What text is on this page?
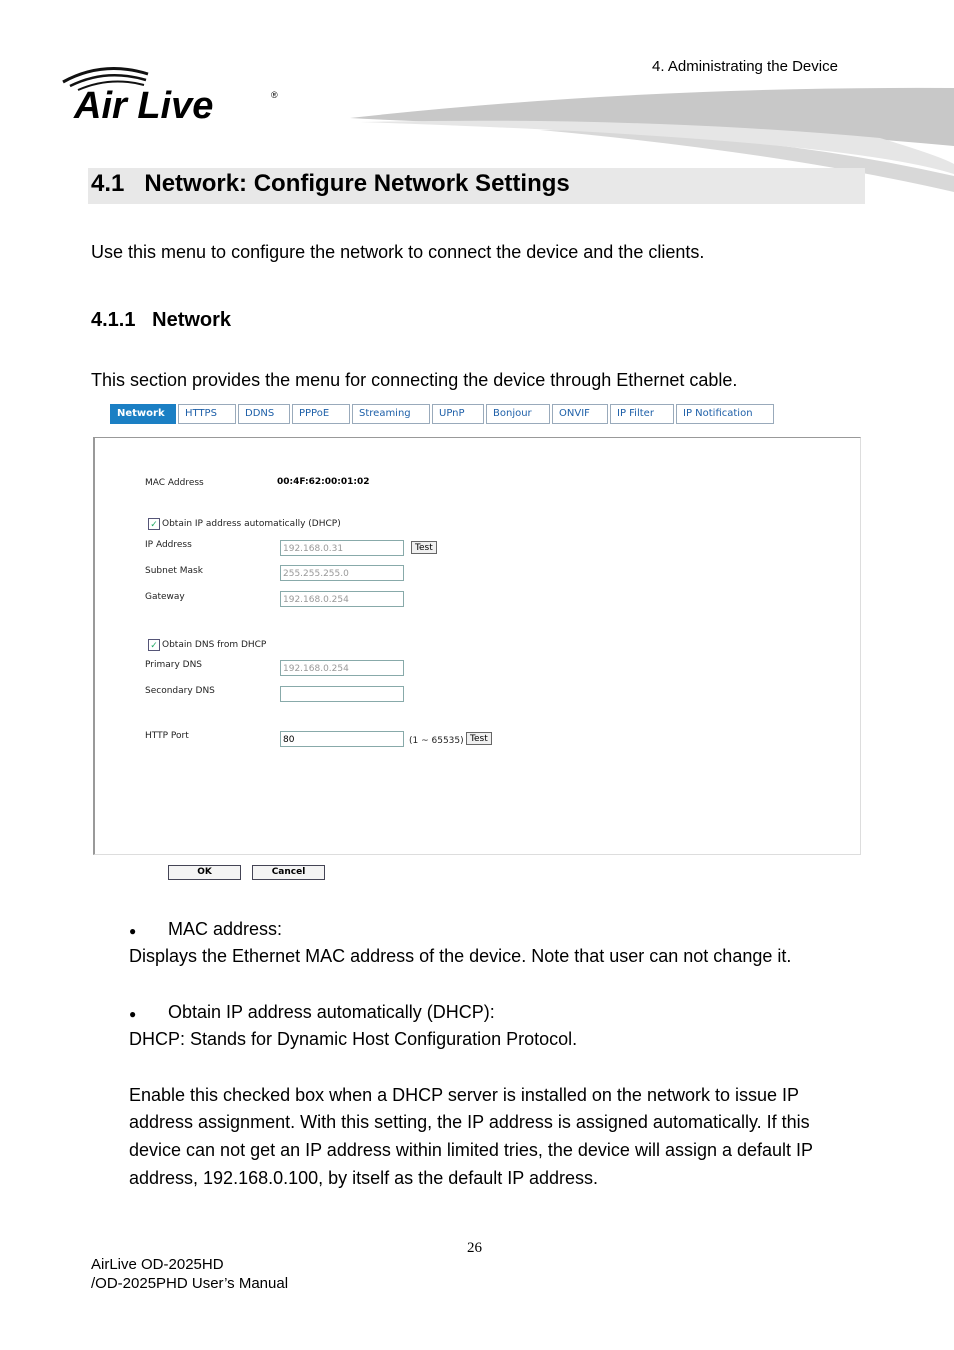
4. Administrating the Device
Air Live	®
4.1   Network: Configure Network Settings
Use this menu to configure the network to connect the device and the clients.
4.1.1   Network
This section provides the menu for connecting the device through Ethernet cable.
Network	HTTPS	DDNS	PPPoE	Streaming	UPnP	Bonjour	ONVIF	IP Filter	IP Notification
MAC Address	00:4F:62:00:01:02
✓ Obtain IP address automatically (DHCP)
IP Address	192.168.0.31	Test
Subnet Mask	255.255.255.0
Gateway	192.168.0.254
✓ Obtain DNS from DHCP
Primary DNS	192.168.0.254
Secondary DNS
HTTP Port	80	(1 ~ 65535) Test
OK	Cancel
● MAC address:
Displays the Ethernet MAC address of the device. Note that user can not change it.
● Obtain IP address automatically (DHCP):
DHCP: Stands for Dynamic Host Configuration Protocol.
Enable this checked box when a DHCP server is installed on the network to issue IP
address assignment. With this setting, the IP address is assigned automatically. If this
device can not get an IP address within limited tries, the device will assign a default IP
address, 192.168.0.100, by itself as the default IP address.
26
AirLive OD-2025HD
/OD-2025PHD User’s Manual
